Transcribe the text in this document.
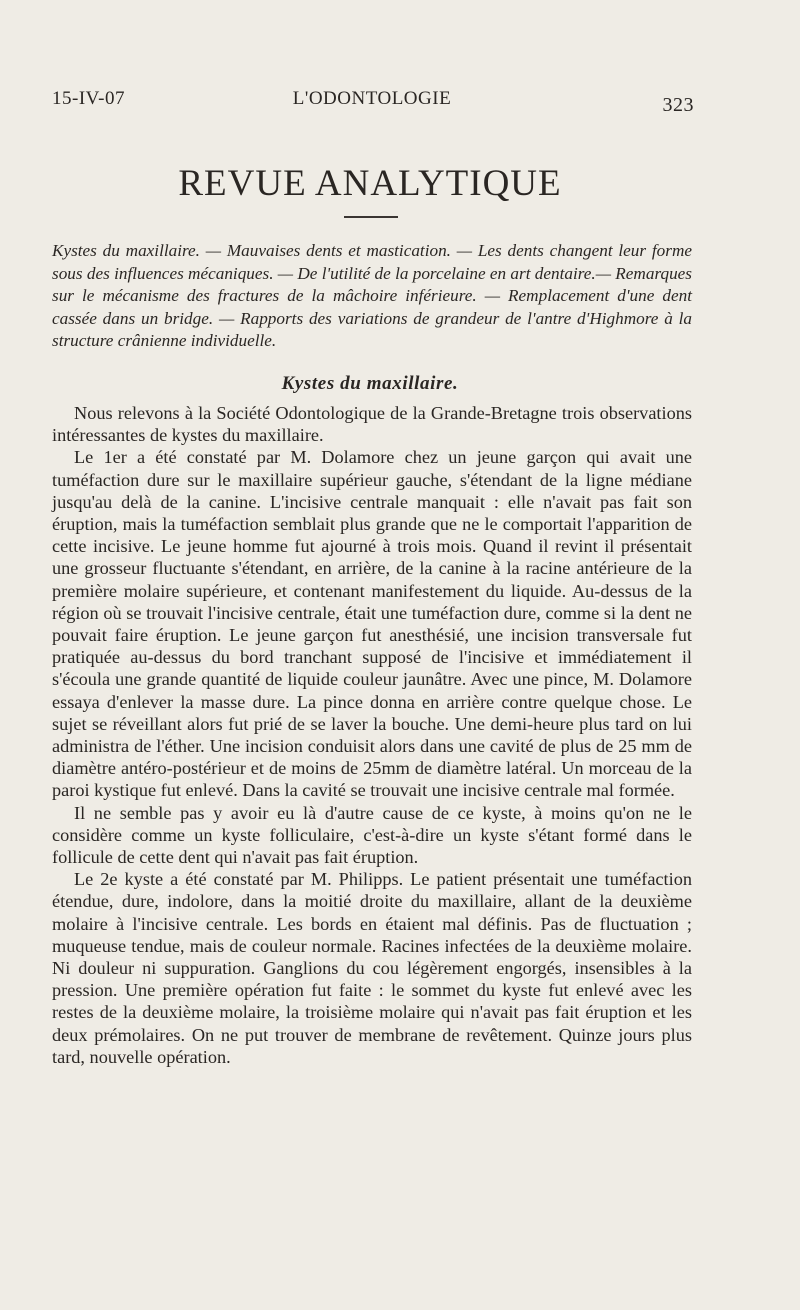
15-IV-07	L'ODONTOLOGIE	323
REVUE ANALYTIQUE

Kystes du maxillaire. — Mauvaises dents et mastication. — Les dents changent leur forme sous des influences mécaniques. — De l'utilité de la porcelaine en art dentaire.— Remarques sur le mécanisme des fractures de la mâchoire inférieure. — Remplacement d'une dent cassée dans un bridge. — Rapports des variations de grandeur de l'antre d'Highmore à la structure crânienne individuelle.

Kystes du maxillaire.

Nous relevons à la Société Odontologique de la Grande-Bretagne trois observations intéressantes de kystes du maxillaire.

Le 1er a été constaté par M. Dolamore chez un jeune garçon qui avait une tuméfaction dure sur le maxillaire supérieur gauche, s'étendant de la ligne médiane jusqu'au delà de la canine. L'incisive centrale manquait : elle n'avait pas fait son éruption, mais la tuméfaction semblait plus grande que ne le comportait l'apparition de cette incisive. Le jeune homme fut ajourné à trois mois. Quand il revint il présentait une grosseur fluctuante s'étendant, en arrière, de la canine à la racine antérieure de la première molaire supérieure, et contenant manifestement du liquide. Au-dessus de la région où se trouvait l'incisive centrale, était une tuméfaction dure, comme si la dent ne pouvait faire éruption. Le jeune garçon fut anesthésié, une incision transversale fut pratiquée au-dessus du bord tranchant supposé de l'incisive et immédiatement il s'écoula une grande quantité de liquide couleur jaunâtre. Avec une pince, M. Dolamore essaya d'enlever la masse dure. La pince donna en arrière contre quelque chose. Le sujet se réveillant alors fut prié de se laver la bouche. Une demi-heure plus tard on lui administra de l'éther. Une incision conduisit alors dans une cavité de plus de 25 mm de diamètre antéro-postérieur et de moins de 25mm de diamètre latéral. Un morceau de la paroi kystique fut enlevé. Dans la cavité se trouvait une incisive centrale mal formée.

Il ne semble pas y avoir eu là d'autre cause de ce kyste, à moins qu'on ne le considère comme un kyste folliculaire, c'est-à-dire un kyste s'étant formé dans le follicule de cette dent qui n'avait pas fait éruption.

Le 2e kyste a été constaté par M. Philipps. Le patient présentait une tuméfaction étendue, dure, indolore, dans la moitié droite du maxillaire, allant de la deuxième molaire à l'incisive centrale. Les bords en étaient mal définis. Pas de fluctuation ; muqueuse tendue, mais de couleur normale. Racines infectées de la deuxième molaire. Ni douleur ni suppuration. Ganglions du cou légèrement engorgés, insensibles à la pression. Une première opération fut faite : le sommet du kyste fut enlevé avec les restes de la deuxième molaire, la troisième molaire qui n'avait pas fait éruption et les deux prémolaires. On ne put trouver de membrane de revêtement. Quinze jours plus tard, nouvelle opération.
